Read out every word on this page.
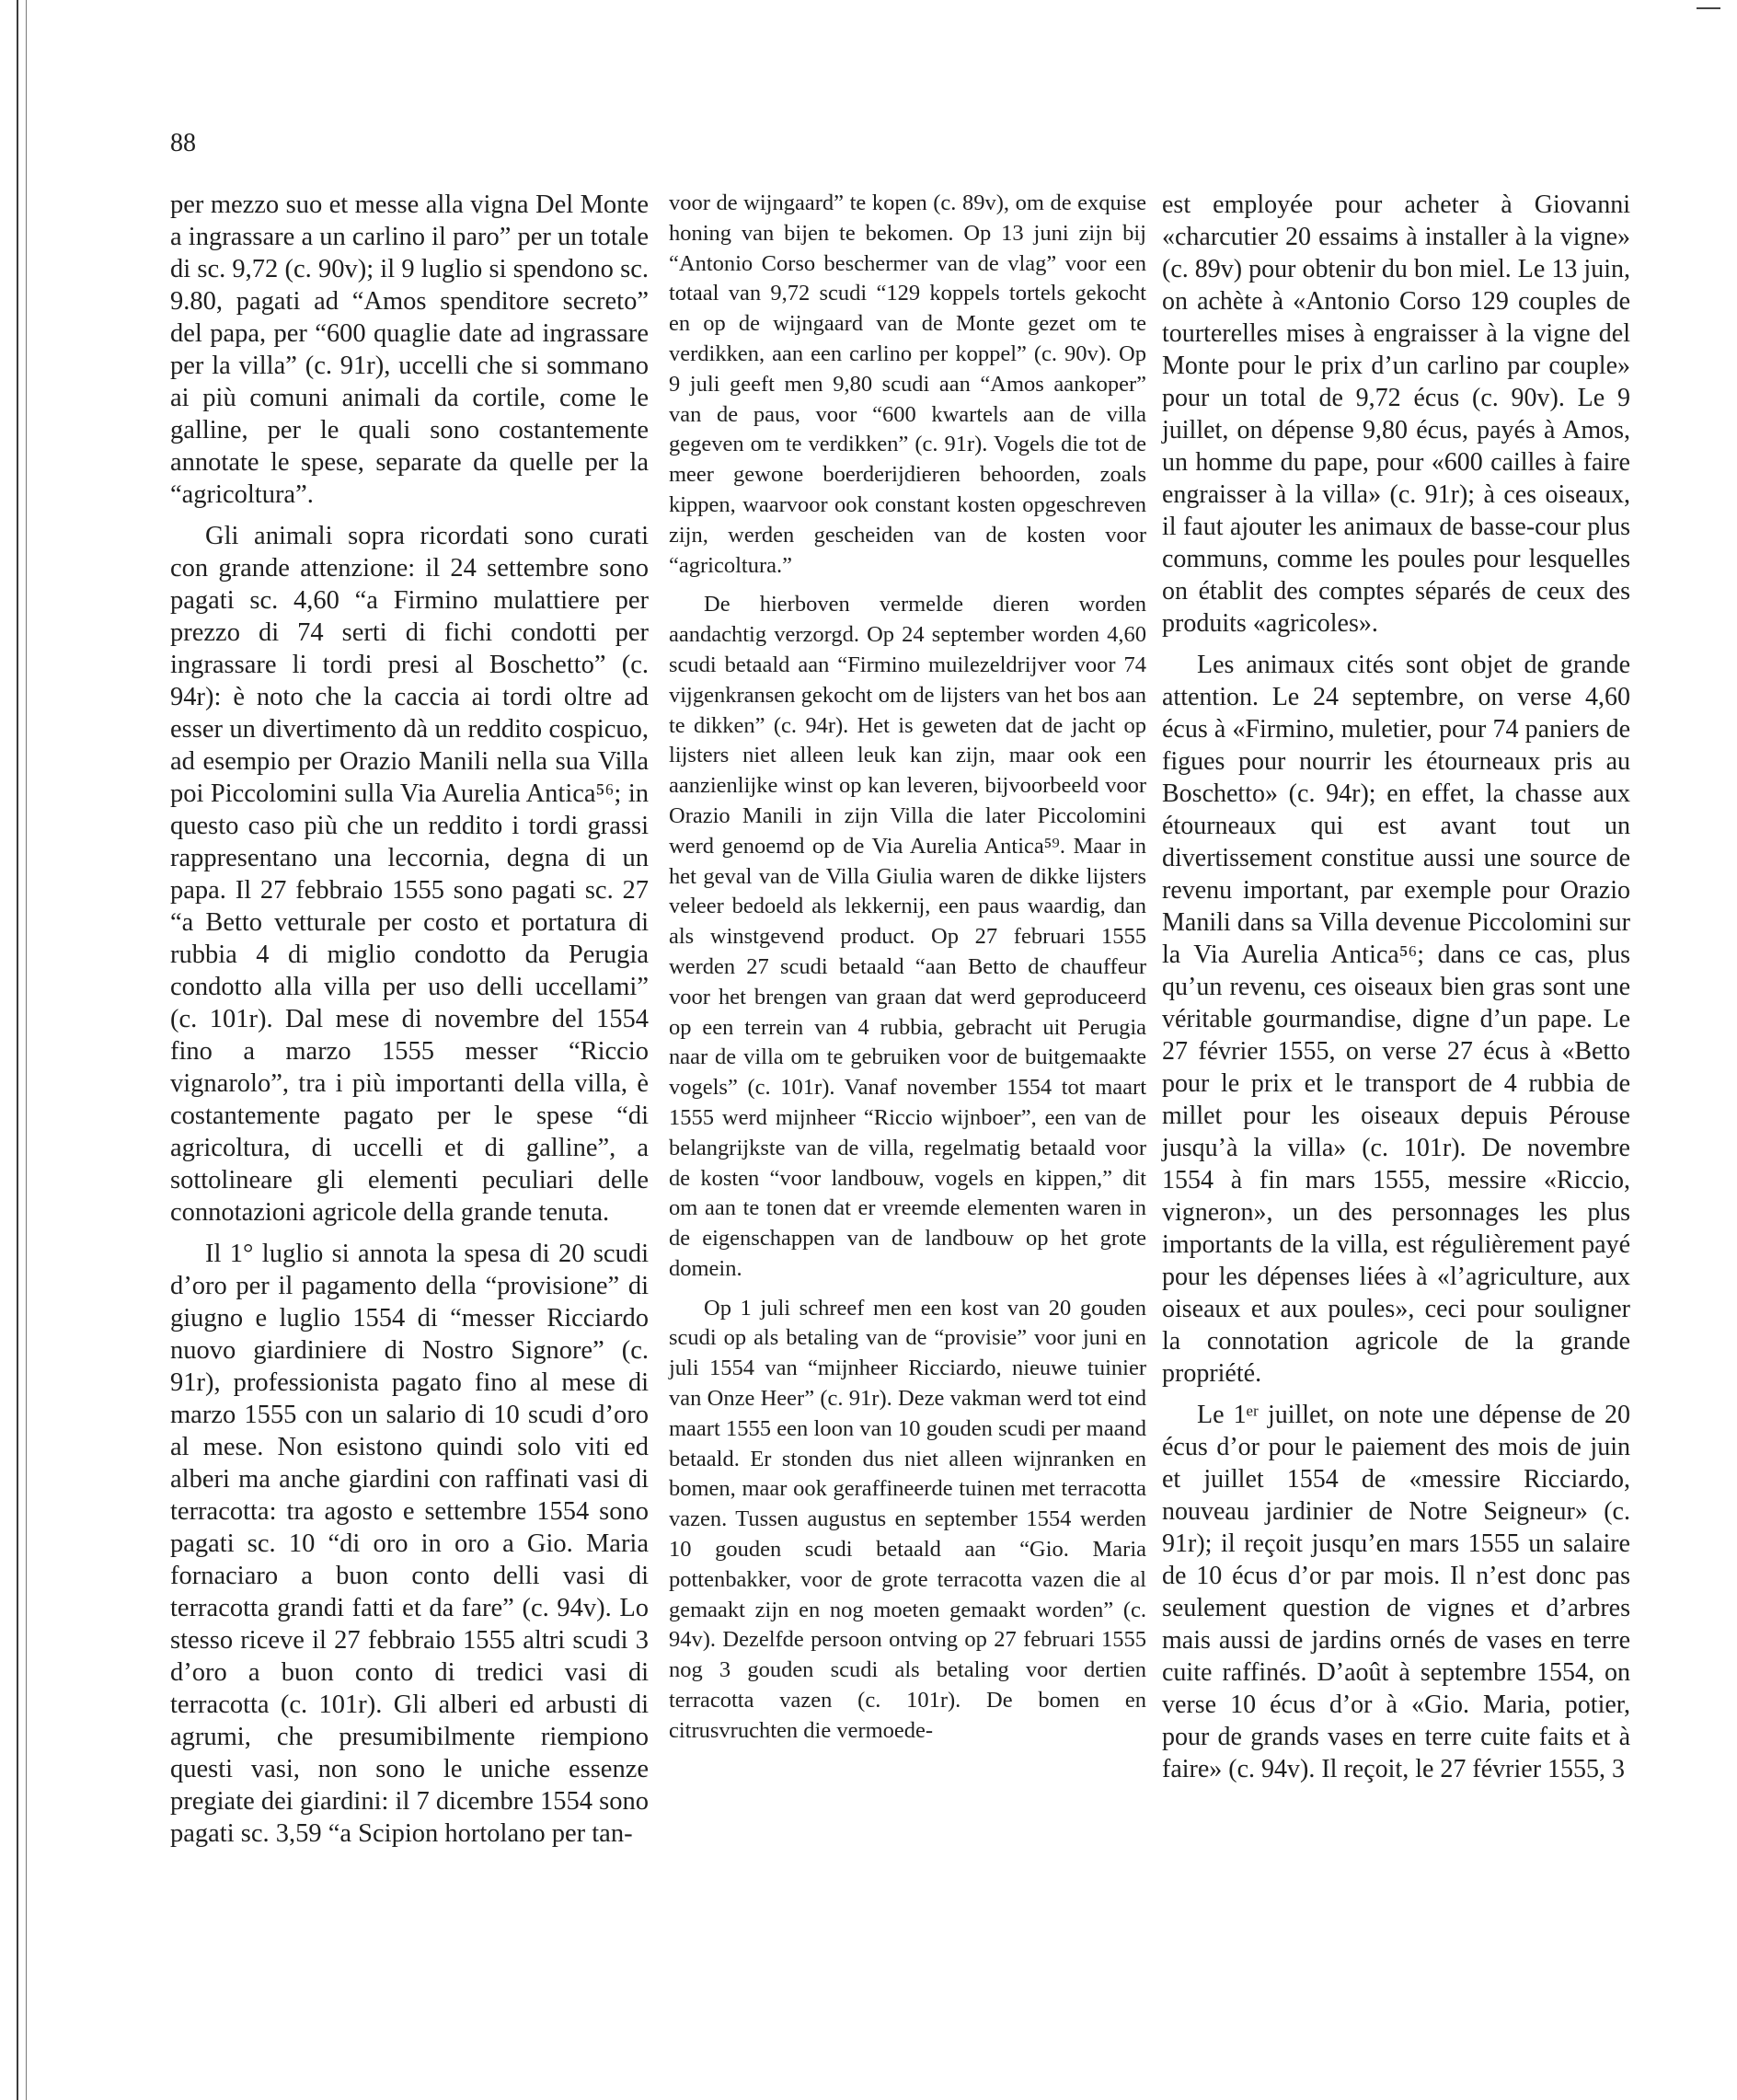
88

per mezzo suo et messe alla vigna Del Monte a ingrassare a un carlino il paro” per un totale di sc. 9,72 (c. 90v); il 9 luglio si spendono sc. 9.80, pagati ad “Amos spenditore secreto” del papa, per “600 quaglie date ad ingrassare per la villa” (c. 91r), uccelli che si sommano ai più comuni animali da cortile, come le galline, per le quali sono costantemente annotate le spese, separate da quelle per la “agricoltura”.

Gli animali sopra ricordati sono curati con grande attenzione: il 24 settembre sono pagati sc. 4,60 “a Firmino mulattiere per prezzo di 74 serti di fichi condotti per ingrassare li tordi presi al Boschetto” (c. 94r): è noto che la caccia ai tordi oltre ad esser un divertimento dà un reddito cospicuo, ad esempio per Orazio Manili nella sua Villa poi Piccolomini sulla Via Aurelia Antica⁵⁶; in questo caso più che un reddito i tordi grassi rappresentano una leccornia, degna di un papa. Il 27 febbraio 1555 sono pagati sc. 27 “a Betto vetturale per costo et portatura di rubbia 4 di miglio condotto da Perugia condotto alla villa per uso delli uccellami” (c. 101r). Dal mese di novembre del 1554 fino a marzo 1555 messer “Riccio vignarolo”, tra i più importanti della villa, è costantemente pagato per le spese “di agricoltura, di uccelli et di galline”, a sottolineare gli elementi peculiari delle connotazioni agricole della grande tenuta.

Il 1° luglio si annota la spesa di 20 scudi d’oro per il pagamento della “provisione” di giugno e luglio 1554 di “messer Ricciardo nuovo giardiniere di Nostro Signore” (c. 91r), professionista pagato fino al mese di marzo 1555 con un salario di 10 scudi d’oro al mese. Non esistono quindi solo viti ed alberi ma anche giardini con raffinati vasi di terracotta: tra agosto e settembre 1554 sono pagati sc. 10 “di oro in oro a Gio. Maria fornaciaro a buon conto delli vasi di terracotta grandi fatti et da fare” (c. 94v). Lo stesso riceve il 27 febbraio 1555 altri scudi 3 d’oro a buon conto di tredici vasi di terracotta (c. 101r). Gli alberi ed arbusti di agrumi, che presumibilmente riempiono questi vasi, non sono le uniche essenze pregiate dei giardini: il 7 dicembre 1554 sono pagati sc. 3,59 “a Scipion hortolano per tan-

voor de wijngaard” te kopen (c. 89v), om de exquise honing van bijen te bekomen. Op 13 juni zijn bij “Antonio Corso beschermer van de vlag” voor een totaal van 9,72 scudi “129 koppels tortels gekocht en op de wijngaard van de Monte gezet om te verdikken, aan een carlino per koppel” (c. 90v). Op 9 juli geeft men 9,80 scudi aan “Amos aankoper” van de paus, voor “600 kwartels aan de villa gegeven om te verdikken” (c. 91r). Vogels die tot de meer gewone boerderijdieren behoorden, zoals kippen, waarvoor ook constant kosten opgeschreven zijn, werden gescheiden van de kosten voor “agricoltura.”

De hierboven vermelde dieren worden aandachtig verzorgd. Op 24 september worden 4,60 scudi betaald aan “Firmino muilezeldrijver voor 74 vijgenkransen gekocht om de lijsters van het bos aan te dikken” (c. 94r). Het is geweten dat de jacht op lijsters niet alleen leuk kan zijn, maar ook een aanzienlijke winst op kan leveren, bijvoorbeeld voor Orazio Manili in zijn Villa die later Piccolomini werd genoemd op de Via Aurelia Antica⁵⁹. Maar in het geval van de Villa Giulia waren de dikke lijsters veleer bedoeld als lekkernij, een paus waardig, dan als winstgevend product. Op 27 februari 1555 werden 27 scudi betaald “aan Betto de chauffeur voor het brengen van graan dat werd geproduceerd op een terrein van 4 rubbia, gebracht uit Perugia naar de villa om te gebruiken voor de buitgemaakte vogels” (c. 101r). Vanaf november 1554 tot maart 1555 werd mijnheer “Riccio wijnboer”, een van de belangrijkste van de villa, regelmatig betaald voor de kosten “voor landbouw, vogels en kippen,” dit om aan te tonen dat er vreemde elementen waren in de eigenschappen van de landbouw op het grote domein.

Op 1 juli schreef men een kost van 20 gouden scudi op als betaling van de “provisie” voor juni en juli 1554 van “mijnheer Ricciardo, nieuwe tuinier van Onze Heer” (c. 91r). Deze vakman werd tot eind maart 1555 een loon van 10 gouden scudi per maand betaald. Er stonden dus niet alleen wijnranken en bomen, maar ook geraffineerde tuinen met terracotta vazen. Tussen augustus en september 1554 werden 10 gouden scudi betaald aan “Gio. Maria pottenbakker, voor de grote terracotta vazen die al gemaakt zijn en nog moeten gemaakt worden” (c. 94v). Dezelfde persoon ontving op 27 februari 1555 nog 3 gouden scudi als betaling voor dertien terracotta vazen (c. 101r). De bomen en citrusvruchten die vermoede-

est employée pour acheter à Giovanni «charcutier 20 essaims à installer à la vigne» (c. 89v) pour obtenir du bon miel. Le 13 juin, on achète à «Antonio Corso 129 couples de tourterelles mises à engraisser à la vigne del Monte pour le prix d’un carlino par couple» pour un total de 9,72 écus (c. 90v). Le 9 juillet, on dépense 9,80 écus, payés à Amos, un homme du pape, pour «600 cailles à faire engraisser à la villa» (c. 91r); à ces oiseaux, il faut ajouter les animaux de basse-cour plus communs, comme les poules pour lesquelles on établit des comptes séparés de ceux des produits «agricoles».

Les animaux cités sont objet de grande attention. Le 24 septembre, on verse 4,60 écus à «Firmino, muletier, pour 74 paniers de figues pour nourrir les étourneaux pris au Boschetto» (c. 94r); en effet, la chasse aux étourneaux qui est avant tout un divertissement constitue aussi une source de revenu important, par exemple pour Orazio Manili dans sa Villa devenue Piccolomini sur la Via Aurelia Antica⁵⁶; dans ce cas, plus qu’un revenu, ces oiseaux bien gras sont une véritable gourmandise, digne d’un pape. Le 27 février 1555, on verse 27 écus à «Betto pour le prix et le transport de 4 rubbia de millet pour les oiseaux depuis Pérouse jusqu’à la villa» (c. 101r). De novembre 1554 à fin mars 1555, messire «Riccio, vigneron», un des personnages les plus importants de la villa, est régulièrement payé pour les dépenses liées à «l’agriculture, aux oiseaux et aux poules», ceci pour souligner la connotation agricole de la grande propriété.

Le 1ᵉʳ juillet, on note une dépense de 20 écus d’or pour le paiement des mois de juin et juillet 1554 de «messire Ricciardo, nouveau jardinier de Notre Seigneur» (c. 91r); il reçoit jusqu’en mars 1555 un salaire de 10 écus d’or par mois. Il n’est donc pas seulement question de vignes et d’arbres mais aussi de jardins ornés de vases en terre cuite raffinés. D’août à septembre 1554, on verse 10 écus d’or à «Gio. Maria, potier, pour de grands vases en terre cuite faits et à faire» (c. 94v). Il reçoit, le 27 février 1555, 3
